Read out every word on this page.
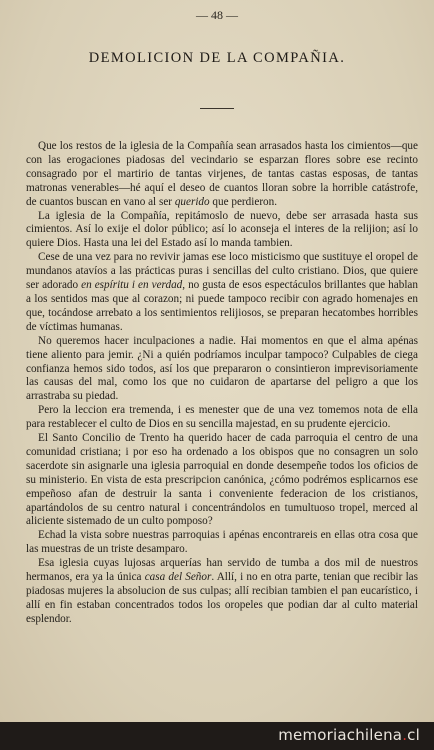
— 48 —
DEMOLICION DE LA COMPAÑIA.

Que los restos de la iglesia de la Compañía sean arrasados hasta los cimientos—que con las erogaciones piadosas del vecindario se esparzan flores sobre ese recinto consagrado por el martirio de tantas virjenes, de tantas castas esposas, de tantas matronas venerables—hé aquí el deseo de cuantos lloran sobre la horrible catástrofe, de cuantos buscan en vano al ser querido que perdieron.

La iglesia de la Compañía, repitámoslo de nuevo, debe ser arrasada hasta sus cimientos. Así lo exije el dolor público; así lo aconseja el interes de la relijion; así lo quiere Dios. Hasta una lei del Estado así lo manda tambien.

Cese de una vez para no revivir jamas ese loco misticismo que sustituye el oropel de mundanos atavíos a las prácticas puras i sencillas del culto cristiano. Dios, que quiere ser adorado en espíritu i en verdad, no gusta de esos espectáculos brillantes que hablan a los sentidos mas que al corazon; ni puede tampoco recibir con agrado homenajes en que, tocándose arrebato a los sentimientos relijiosos, se preparan hecatombes horribles de víctimas humanas.

No queremos hacer inculpaciones a nadie. Hai momentos en que el alma apénas tiene aliento para jemir. ¿Ni a quién podríamos inculpar tampoco? Culpables de ciega confianza hemos sido todos, así los que prepararon o consintieron imprevisoriamente las causas del mal, como los que no cuidaron de apartarse del peligro a que los arrastraba su piedad.

Pero la leccion era tremenda, i es menester que de una vez tomemos nota de ella para restablecer el culto de Dios en su sencilla majestad, en su prudente ejercicio.

El Santo Concilio de Trento ha querido hacer de cada parroquia el centro de una comunidad cristiana; i por eso ha ordenado a los obispos que no consagren un solo sacerdote sin asignarle una iglesia parroquial en donde desempeñe todos los oficios de su ministerio. En vista de esta prescripcion canónica, ¿cómo podrémos esplicarnos ese empeñoso afan de destruir la santa i conveniente federacion de los cristianos, apartándolos de su centro natural i concentrándolos en tumultuoso tropel, merced al aliciente sistemado de un culto pomposo?

Echad la vista sobre nuestras parroquias i apénas encontrareis en ellas otra cosa que las muestras de un triste desamparo.

Esa iglesia cuyas lujosas arquerías han servido de tumba a dos mil de nuestros hermanos, era ya la única casa del Señor. Allí, i no en otra parte, tenian que recibir las piadosas mujeres la absolucion de sus culpas; allí recibian tambien el pan eucarístico, i allí en fin estaban concentrados todos los oropeles que podian dar al culto material esplendor.

memoriachilena.cl
